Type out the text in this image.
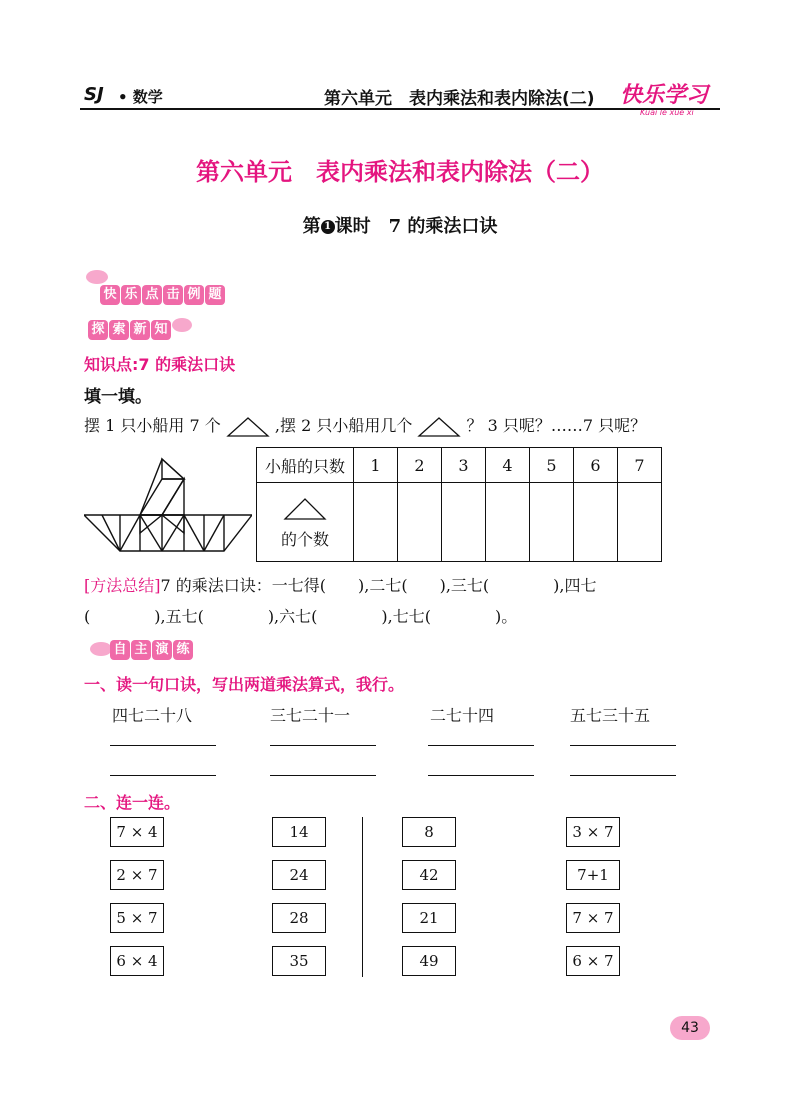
SJ • 数学	第六单元　表内乘法和表内除法(二) 快乐学习
Kuai le xue xi
第六单元　表内乘法和表内除法（二）
第 1 课时　7 的乘法口诀
快 乐 点 击 例 题
探 索 新 知
知识点:7 的乘法口诀
填一填。
摆 1 只小船用 7 个	,摆 2 只小船用几个	？ 3 只呢？……7 只呢？
小船的只数	1	2	3	4	5	6	7

的个数							
[方法总结]7 的乘法口诀：一七得(　　),二七(　　),三七(　　　　),四七
(　　　　),五七(　　　　),六七(　　　　),七七(　　　　)。
自 主 演 练
一、读一句口诀，写出两道乘法算式，我行。
四七二十八	三七二十一	二七十四	五七三十五
二、连一连。
7 × 4
2 × 7
5 × 7
6 × 4
14
24
28
35
8
42
21
49
3 × 7
7+1
7 × 7
6 × 7
43
